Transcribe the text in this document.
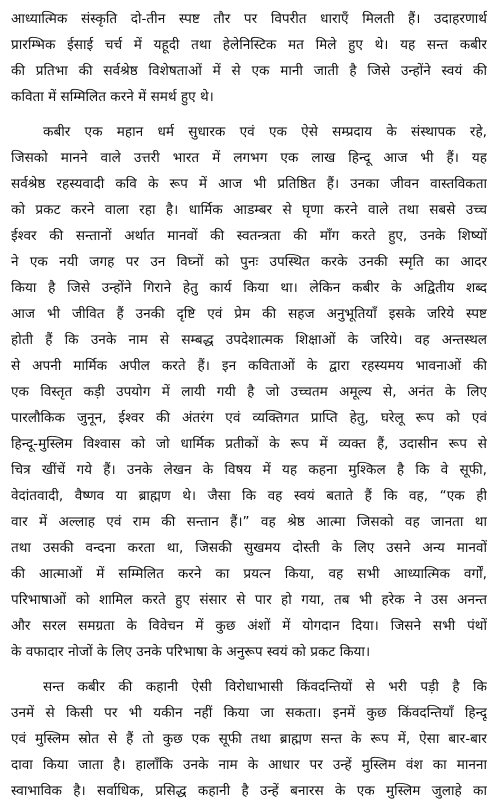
आध्यात्मिक संस्कृति दो-तीन स्पष्ट तौर पर विपरीत धाराएँ मिलती हैं। उदाहरणार्थ
प्रारम्भिक ईसाई चर्च में यहूदी तथा हेलेनिस्टिक मत मिले हुए थे। यह सन्त कबीर
की प्रतिभा की सर्वश्रेष्ठ विशेषताओं में से एक मानी जाती है जिसे उन्होंने स्वयं की
कविता में सम्मिलित करने में समर्थ हुए थे।
कबीर एक महान धर्म सुधारक एवं एक ऐसे सम्प्रदाय के संस्थापक रहे,
जिसको मानने वाले उत्तरी भारत में लगभग एक लाख हिन्दू आज भी हैं। यह
सर्वश्रेष्ठ रहस्यवादी कवि के रूप में आज भी प्रतिष्ठित हैं। उनका जीवन वास्तविकता
को प्रकट करने वाला रहा है। धार्मिक आडम्बर से घृणा करने वाले तथा सबसे उच्च
ईश्वर की सन्तानों अर्थात मानवों की स्वतन्त्रता की माँग करते हुए, उनके शिष्यों
ने एक नयी जगह पर उन विघ्नों को पुनः उपस्थित करके उनकी स्मृति का आदर
किया है जिसे उन्होंने गिराने हेतु कार्य किया था। लेकिन कबीर के अद्वितीय शब्द
आज भी जीवित हैं उनकी दृष्टि एवं प्रेम की सहज अनुभूतियाँ इसके जरिये स्पष्ट
होती हैं कि उनके नाम से सम्बद्ध उपदेशात्मक शिक्षाओं के जरिये। वह अन्तस्थल
से अपनी मार्मिक अपील करते हैं। इन कविताओं के द्वारा रहस्यमय भावनाओं की
एक विस्तृत कड़ी उपयोग में लायी गयी है जो उच्चतम अमूल्य से, अनंत के लिए
पारलौकिक जुनून, ईश्वर की अंतरंग एवं व्यक्तिगत प्राप्ति हेतु, घरेलू रूप को एवं
हिन्दू-मुस्लिम विश्वास को जो धार्मिक प्रतीकों के रूप में व्यक्त हैं, उदासीन रूप से
चित्र खींचें गये हैं। उनके लेखन के विषय में यह कहना मुश्किल है कि वे सूफी,
वेदांतवादी, वैष्णव या ब्राह्मण थे। जैसा कि वह स्वयं बताते हैं कि वह, “एक ही
वार में अल्लाह एवं राम की सन्तान हैं।” वह श्रेष्ठ आत्मा जिसको वह जानता था
तथा उसकी वन्दना करता था, जिसकी सुखमय दोस्ती के लिए उसने अन्य मानवों
की आत्माओं में सम्मिलित करने का प्रयत्न किया, वह सभी आध्यात्मिक वर्गों,
परिभाषाओं को शामिल करते हुए संसार से पार हो गया, तब भी हरेक ने उस अनन्त
और सरल समग्रता के विवेचन में कुछ अंशों में योगदान दिया। जिसने सभी पंथों
के वफादार नोजों के लिए उनके परिभाषा के अनुरूप स्वयं को प्रकट किया।
सन्त कबीर की कहानी ऐसी विरोधाभासी किंवदन्तियों से भरी पड़ी है कि
उनमें से किसी पर भी यकीन नहीं किया जा सकता। इनमें कुछ किंवदन्तियाँ हिन्दू
एवं मुस्लिम स्रोत से हैं तो कुछ एक सूफी तथा ब्राह्मण सन्त के रूप में, ऐसा बार-बार
दावा किया जाता है। हालाँकि उनके नाम के आधार पर उन्हें मुस्लिम वंश का मानना
स्वाभाविक है। सर्वाधिक, प्रसिद्ध कहानी है उन्हें बनारस के एक मुस्लिम जुलाहे का
